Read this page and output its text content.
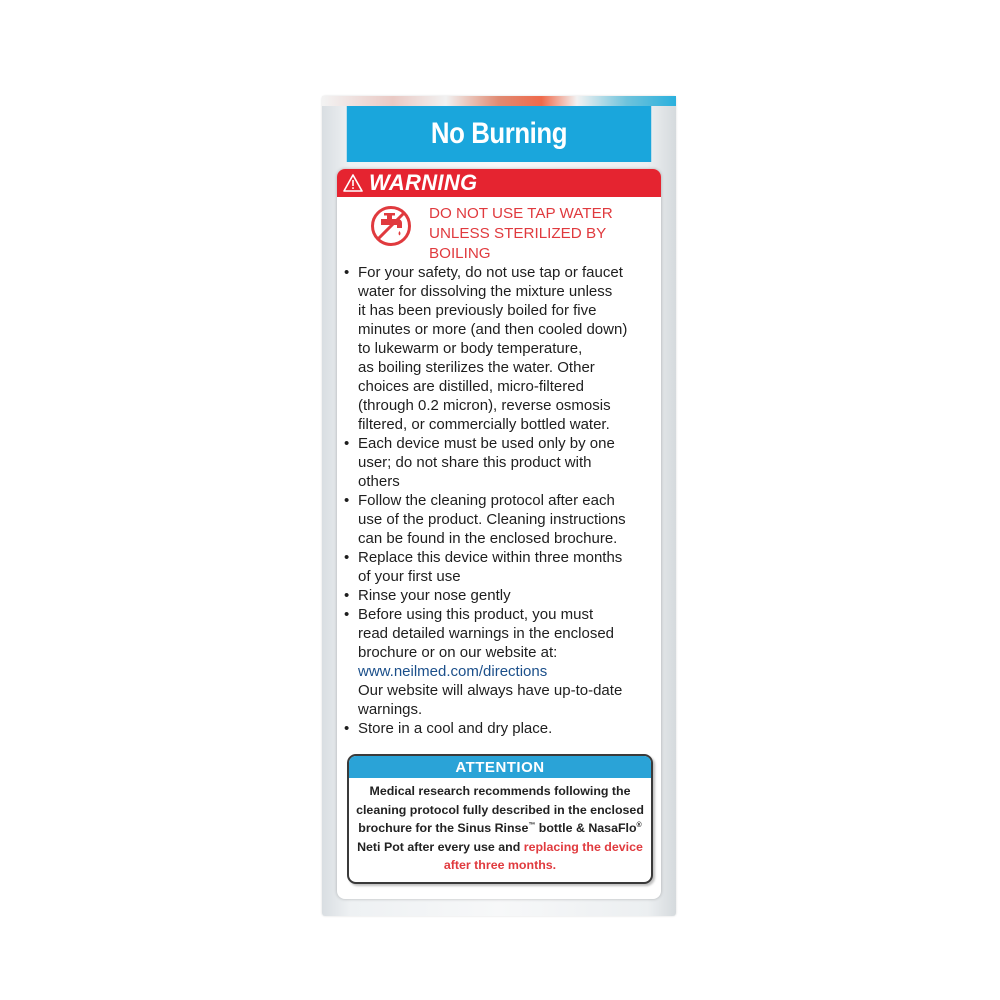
No Burning
WARNING
DO NOT USE TAP WATER
UNLESS STERILIZED BY
BOILING
• For your safety, do not use tap or faucet
water for dissolving the mixture unless
it has been previously boiled for five
minutes or more (and then cooled down)
to lukewarm or body temperature,
as boiling sterilizes the water. Other
choices are distilled, micro-filtered
(through 0.2 micron), reverse osmosis
filtered, or commercially bottled water.
• Each device must be used only by one
user; do not share this product with
others
• Follow the cleaning protocol after each
use of the product. Cleaning instructions
can be found in the enclosed brochure.
• Replace this device within three months
of your first use
• Rinse your nose gently
• Before using this product, you must
read detailed warnings in the enclosed
brochure or on our website at:
www.neilmed.com/directions
Our website will always have up-to-date
warnings.
• Store in a cool and dry place.
ATTENTION
Medical research recommends following the
cleaning protocol fully described in the enclosed
brochure for the Sinus Rinse™ bottle & NasaFlo®
Neti Pot after every use and replacing the device
after three months.
